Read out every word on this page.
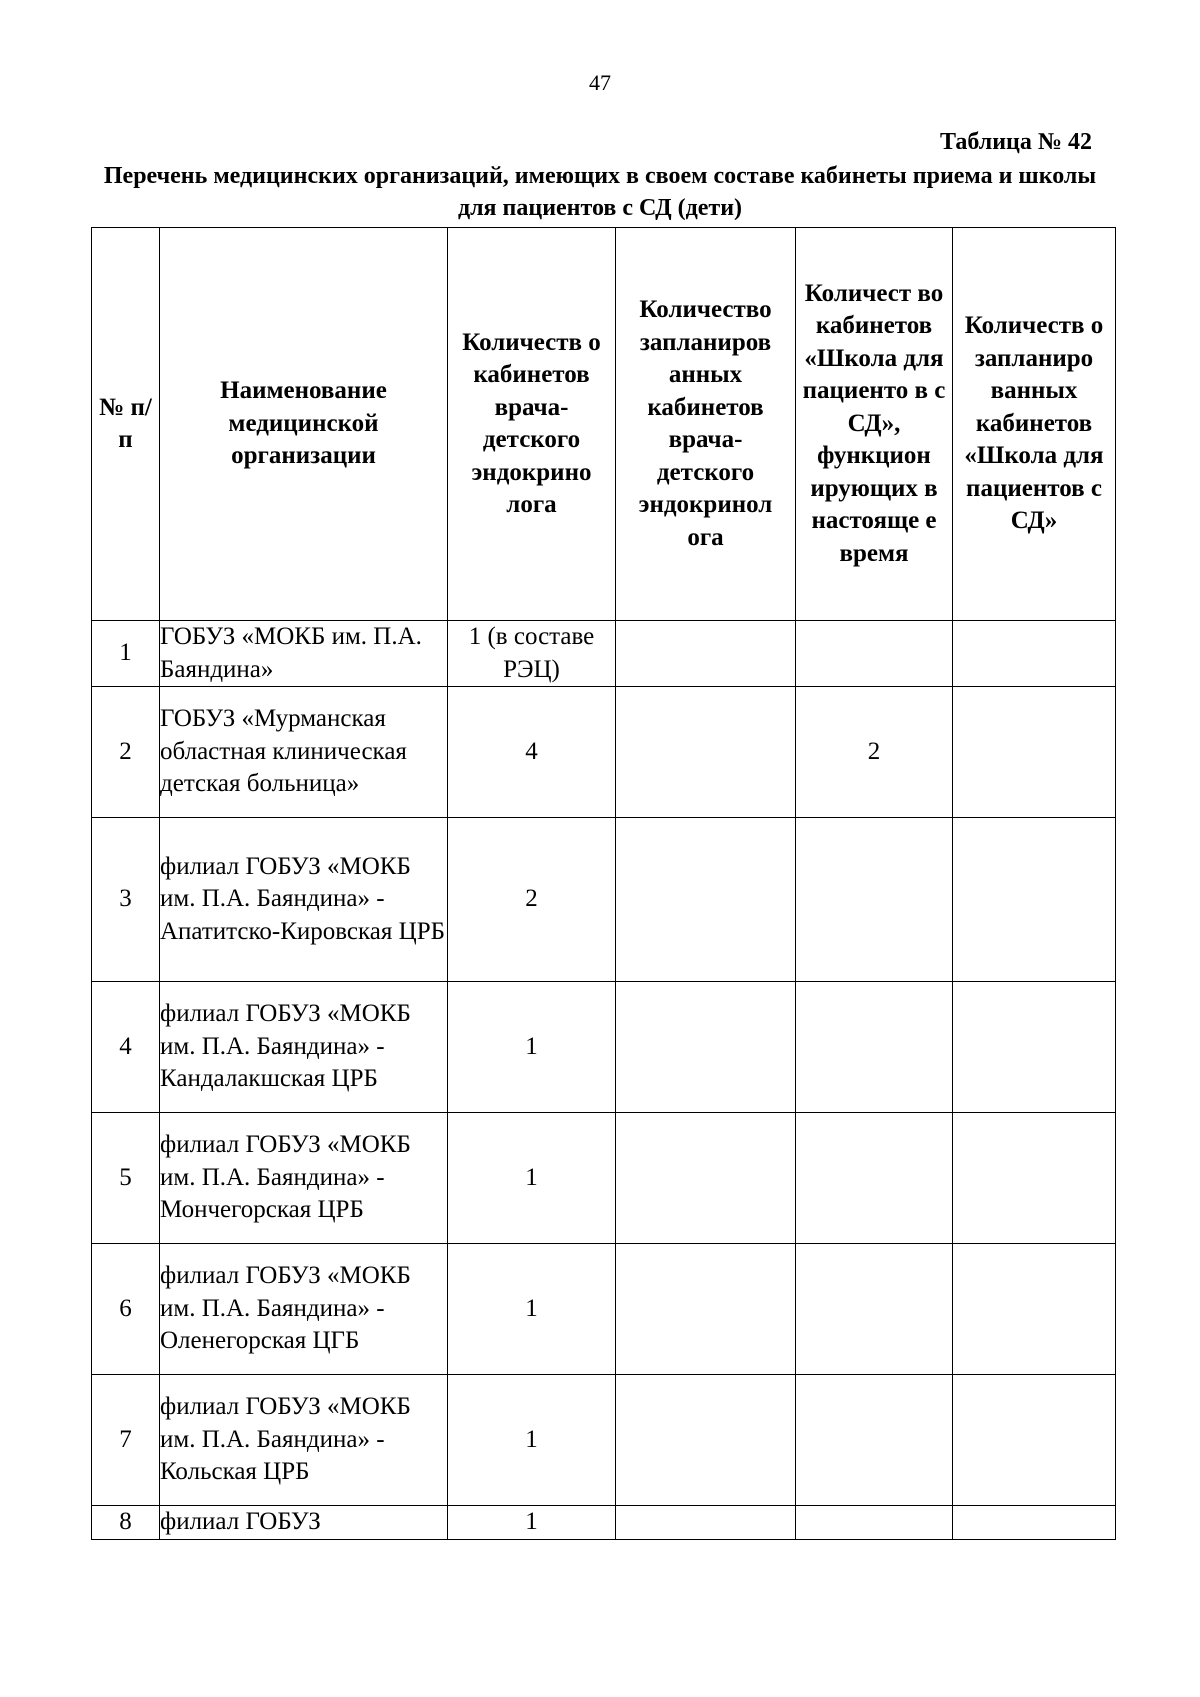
47
Таблица № 42
Перечень медицинских организаций, имеющих в своем составе кабинеты приема и школы для пациентов с СД (дети)
№ п/п	Наименование медицинской организации	Количеств о кабинетов врача- детского эндокрино лога	Количество запланиров анных кабинетов врача- детского эндокринол ога	Количест во кабинетов «Школа для пациенто в с СД», функцион ирующих в настояще е время	Количеств о запланиро ванных кабинетов «Школа для пациентов с СД»
1	ГОБУЗ «МОКБ им. П.А. Баяндина»	1 (в составе РЭЦ)			
2	ГОБУЗ «Мурманская областная клиническая детская больница»	4		2	
3	филиал ГОБУЗ «МОКБ им. П.А. Баяндина» - Апатитско-Кировская ЦРБ	2			
4	филиал ГОБУЗ «МОКБ им. П.А. Баяндина» - Кандалакшская ЦРБ	1			
5	филиал ГОБУЗ «МОКБ им. П.А. Баяндина» - Мончегорская ЦРБ	1			
6	филиал ГОБУЗ «МОКБ им. П.А. Баяндина» - Оленегорская ЦГБ	1			
7	филиал ГОБУЗ «МОКБ им. П.А. Баяндина» - Кольская ЦРБ	1			
8	филиал ГОБУЗ	1			
